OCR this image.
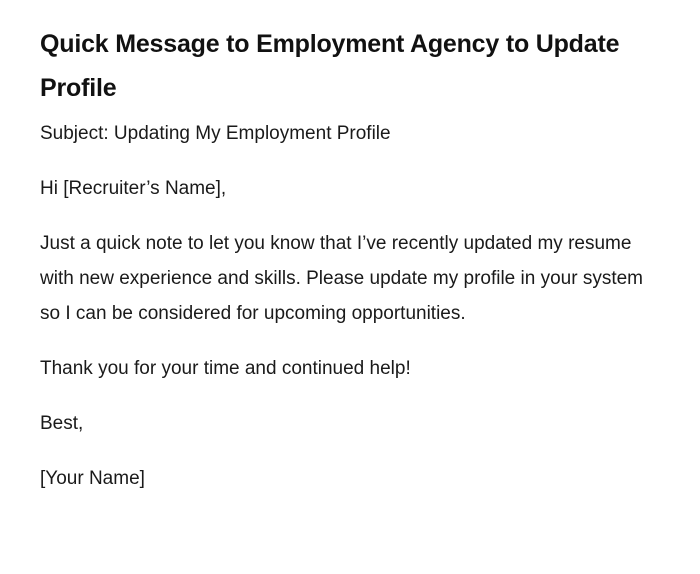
Quick Message to Employment Agency to Update Profile

Subject: Updating My Employment Profile

Hi [Recruiter’s Name],

Just a quick note to let you know that I’ve recently updated my resume with new experience and skills. Please update my profile in your system so I can be considered for upcoming opportunities.

Thank you for your time and continued help!

Best,

[Your Name]
